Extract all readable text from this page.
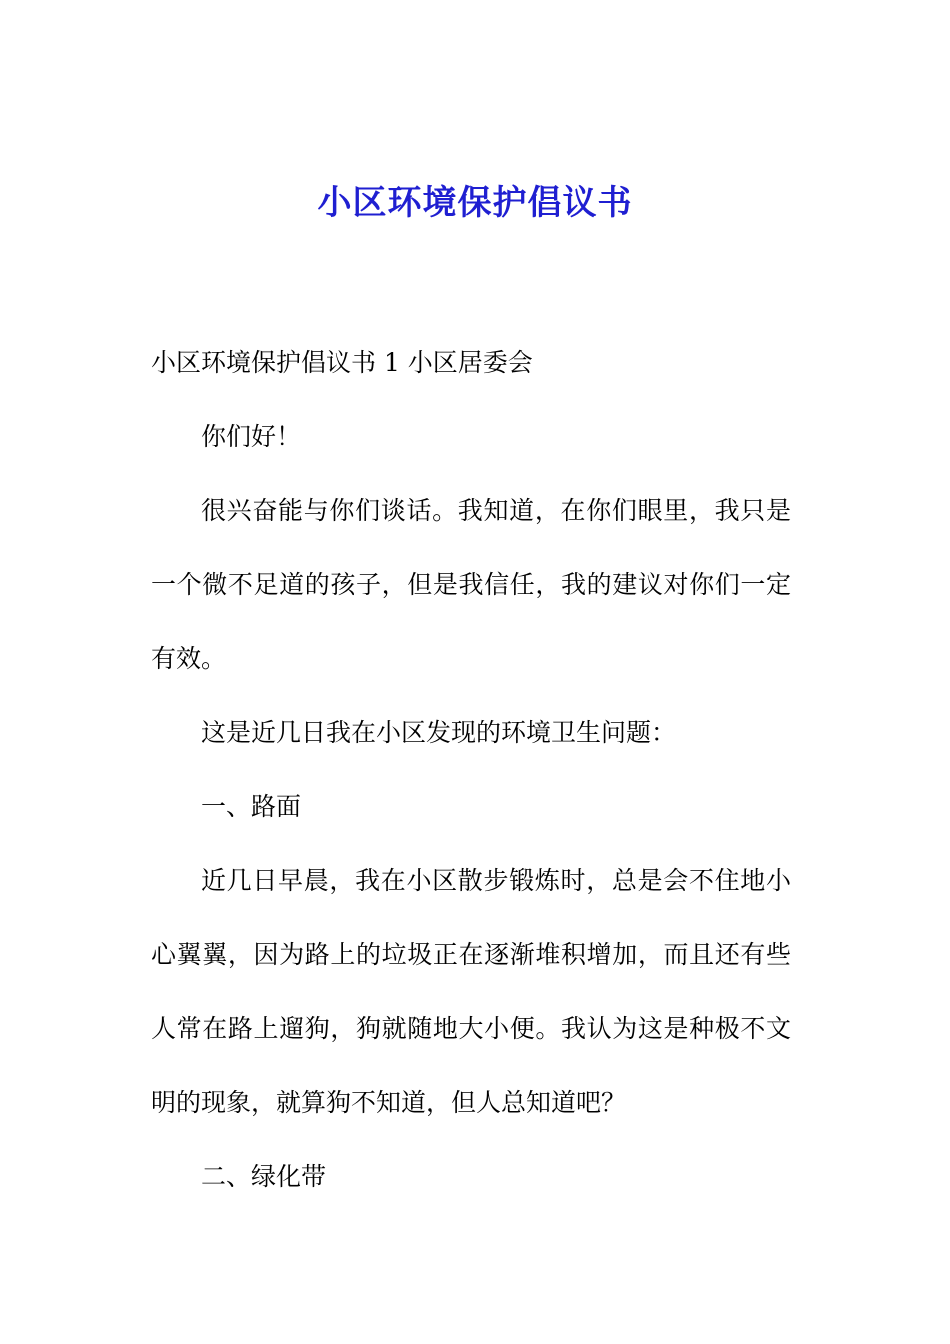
小区环境保护倡议书

小区环境保护倡议书 1 小区居委会

你们好！

很兴奋能与你们谈话。我知道，在你们眼里，我只是一个微不足道的孩子，但是我信任，我的建议对你们一定有效。

这是近几日我在小区发现的环境卫生问题：

一、路面

近几日早晨，我在小区散步锻炼时，总是会不住地小心翼翼，因为路上的垃圾正在逐渐堆积增加，而且还有些人常在路上遛狗，狗就随地大小便。我认为这是种极不文明的现象，就算狗不知道，但人总知道吧？

二、绿化带
